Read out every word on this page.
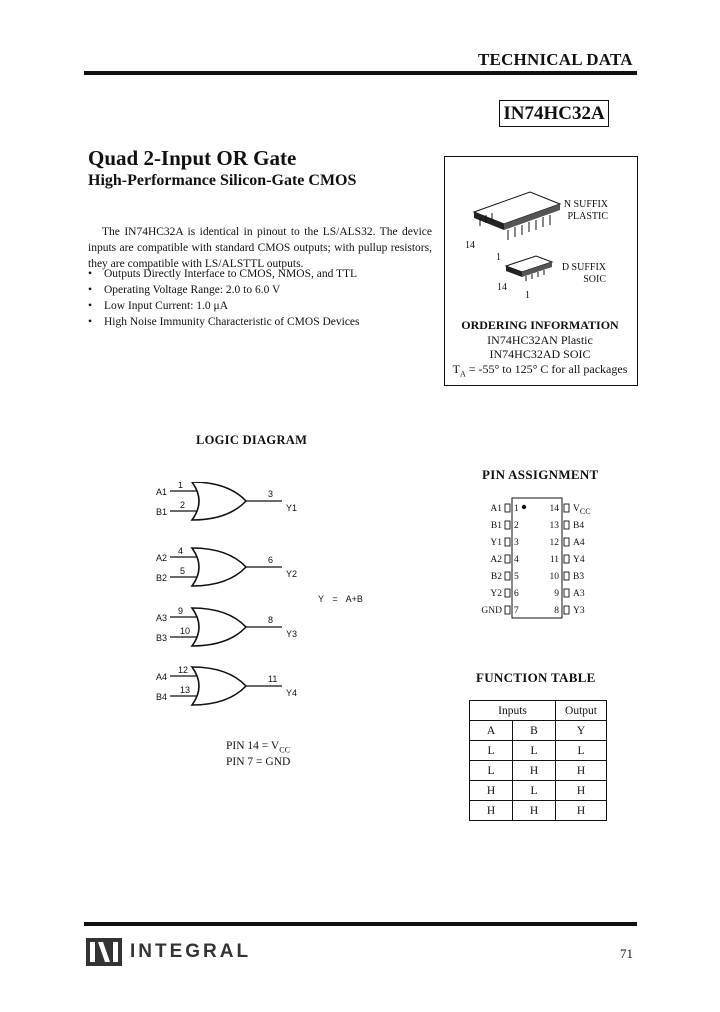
TECHNICAL DATA
IN74HC32A
Quad 2-Input OR Gate
High-Performance Silicon-Gate CMOS

The IN74HC32A is identical in pinout to the LS/ALS32. The device inputs are compatible with standard CMOS outputs; with pullup resistors, they are compatible with LS/ALSTTL outputs.

• Outputs Directly Interface to CMOS, NMOS, and TTL
• Operating Voltage Range: 2.0 to 6.0 V
• Low Input Current: 1.0 μA
• High Noise Immunity Characteristic of CMOS Devices
14
1
14
1
N SUFFIX
PLASTIC
D SUFFIX
SOIC
ORDERING INFORMATION
IN74HC32AN Plastic
IN74HC32AD SOIC
$T_A = -55^\circ$ to 125° C for all packages
LOGIC DIAGRAM
A1
B1
1
2
3
Y1
A2
B2
4
5
6
Y2
A3
B3
9
10
8
Y3
A4
B4
12
13
11
Y4
Y = A+B
PIN $14 = V_{CC}$
PIN 7 = GND
PIN ASSIGNMENT
A1 1
B1 2
Y1 3
A2 4
B2 5
Y2 6
GND 7
14 $V_{CC}$
13 B4
12 A4
11 Y4
10 B3
9 A3
8 Y3
FUNCTION TABLE
Inputs		Output
A	B	Y
L	L	L
L	H	H
H	L	H
H	H	H
INTEGRAL	71
